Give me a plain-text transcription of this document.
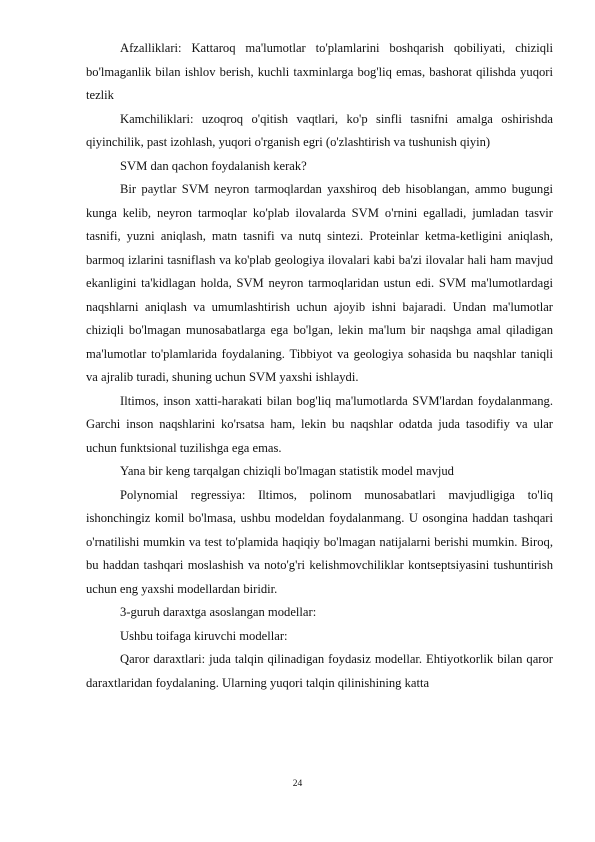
Afzalliklari: Kattaroq ma'lumotlar to'plamlarini boshqarish qobiliyati, chiziqli bo'lmaganlik bilan ishlov berish, kuchli taxminlarga bog'liq emas, bashorat qilishda yuqori tezlik

Kamchiliklari: uzoqroq o'qitish vaqtlari, ko'p sinfli tasnifni amalga oshirishda qiyinchilik, past izohlash, yuqori o'rganish egri (o'zlashtirish va tushunish qiyin)

SVM dan qachon foydalanish kerak?

Bir paytlar SVM neyron tarmoqlardan yaxshiroq deb hisoblangan, ammo bugungi kunga kelib, neyron tarmoqlar ko'plab ilovalarda SVM o'rnini egalladi, jumladan tasvir tasnifi, yuzni aniqlash, matn tasnifi va nutq sintezi. Proteinlar ketma-ketligini aniqlash, barmoq izlarini tasniflash va ko'plab geologiya ilovalari kabi ba'zi ilovalar hali ham mavjud ekanligini ta'kidlagan holda, SVM neyron tarmoqlaridan ustun edi. SVM ma'lumotlardagi naqshlarni aniqlash va umumlashtirish uchun ajoyib ishni bajaradi. Undan ma'lumotlar chiziqli bo'lmagan munosabatlarga ega bo'lgan, lekin ma'lum bir naqshga amal qiladigan ma'lumotlar to'plamlarida foydalaning. Tibbiyot va geologiya sohasida bu naqshlar taniqli va ajralib turadi, shuning uchun SVM yaxshi ishlaydi.

Iltimos, inson xatti-harakati bilan bog'liq ma'lumotlarda SVM'lardan foydalanmang. Garchi inson naqshlarini ko'rsatsa ham, lekin bu naqshlar odatda juda tasodifiy va ular uchun funktsional tuzilishga ega emas.

Yana bir keng tarqalgan chiziqli bo'lmagan statistik model mavjud

Polynomial regressiya: Iltimos, polinom munosabatlari mavjudligiga to'liq ishonchingiz komil bo'lmasa, ushbu modeldan foydalanmang. U osongina haddan tashqari o'rnatilishi mumkin va test to'plamida haqiqiy bo'lmagan natijalarni berishi mumkin. Biroq, bu haddan tashqari moslashish va noto'g'ri kelishmovchiliklar kontseptsiyasini tushuntirish uchun eng yaxshi modellardan biridir.

3-guruh daraxtga asoslangan modellar:

Ushbu toifaga kiruvchi modellar:

Qaror daraxtlari: juda talqin qilinadigan foydasiz modellar. Ehtiyotkorlik bilan qaror daraxtlaridan foydalaning. Ularning yuqori talqin qilinishining katta

24
